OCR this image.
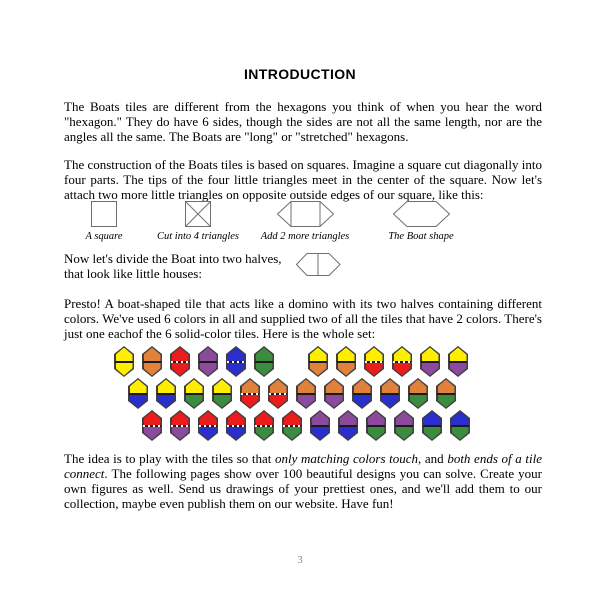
INTRODUCTION
The Boats tiles are different from the hexagons you think of when you hear the word "hexagon." They do have 6 sides, though the sides are not all the same length, nor are the angles all the same. The Boats are "long" or "stretched" hexagons.
The construction of the Boats tiles is based on squares. Imagine a square cut diagonally into four parts. The tips of the four little triangles meet in the center of the square. Now let's attach two more little triangles on opposite outside edges of our square, like this:
A square	Cut into 4 triangles	Add 2 more triangles	The Boat shape
Now let's divide the Boat into two halves, that look like little houses:
Presto! A boat-shaped tile that acts like a domino with its two halves containing different colors. We've used 6 colors in all and supplied two of all the tiles that have 2 colors. There's just one eachof the 6 solid-color tiles. Here is the whole set:
The idea is to play with the tiles so that only matching colors touch, and both ends of a tile connect. The following pages show over 100 beautiful designs you can solve. Create your own figures as well. Send us drawings of your prettiest ones, and we'll add them to our collection, maybe even publish them on our website. Have fun!
3
